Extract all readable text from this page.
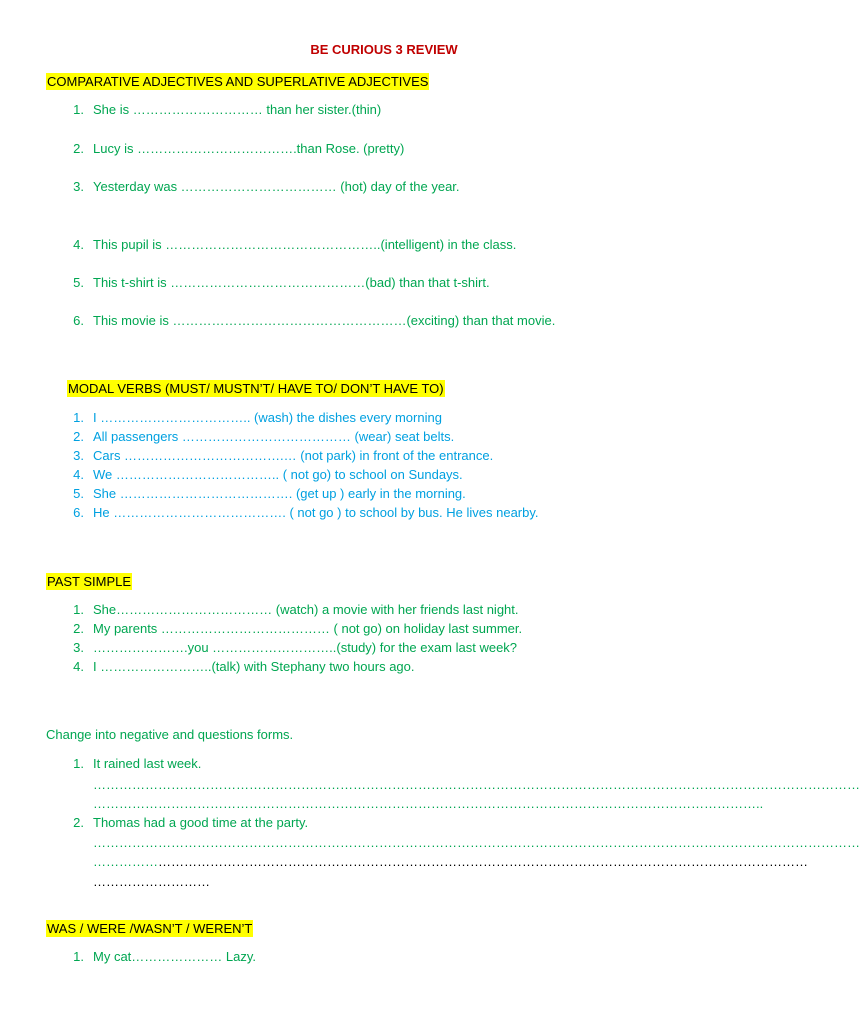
BE CURIOUS 3 REVIEW
COMPARATIVE ADJECTIVES AND SUPERLATIVE ADJECTIVES
1. She is ………………………… than her sister.(thin)
2. Lucy is ……………………………….than Rose. (pretty)
3. Yesterday was ……………………………… (hot) day of the year.
4. This pupil is …………………………………………..(intelligent) in the class.
5. This t-shirt is ………………………………………(bad) than that t-shirt.
6. This movie is ………………………………………………(exciting) than that movie.
MODAL VERBS (MUST/ MUSTN’T/ HAVE TO/ DON’T HAVE TO)
1. I …………………………….. (wash) the dishes every morning
2. All passengers ………………………………… (wear) seat belts.
3. Cars ……………………………….… (not park) in front of the entrance.
4. We ……………………………….. ( not go) to school on Sundays.
5. She …………………………………. (get up ) early in the morning.
6. He …………………………………. ( not go ) to school by bus. He lives nearby.
PAST SIMPLE
1. She……………………………… (watch) a movie with her friends last night.
2. My parents ………………………………… ( not go) on holiday last summer.
3. ………………….you ………………………..(study) for the exam last week?
4. I ……………………..(talk) with Stephany two hours ago.
Change into negative and questions forms.
1. It rained last week.
……………………………………………………………………………………………………………………………………………………………
………………………………………………………………………………………………………………………………………..
2. Thomas had a good time at the party.
……………………………………………………………………………………………………………………………………………………………
…………………………………………………………………………………………………………………………………………………
………………………
WAS / WERE /WASN’T / WEREN’T
1. My cat………………… Lazy.
